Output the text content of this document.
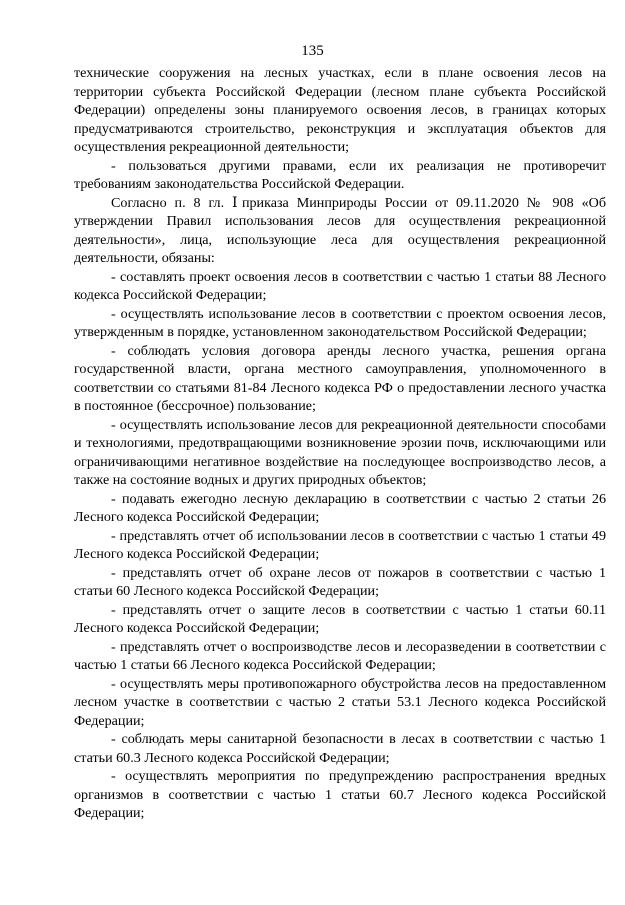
135

технические сооружения на лесных участках, если в плане освоения лесов на территории субъекта Российской Федерации (лесном плане субъекта Российской Федерации) определены зоны планируемого освоения лесов, в границах которых предусматриваются строительство, реконструкция и эксплуатация объектов для осуществления рекреационной деятельности;

- пользоваться другими правами, если их реализация не противоречит требованиям законодательства Российской Федерации.

Согласно п. 8 гл. Ⅰприказа Минприроды России от 09.11.2020 № 908 «Об утверждении Правил использования лесов для осуществления рекреационной деятельности», лица, использующие леса для осуществления рекреационной деятельности, обязаны:

- составлять проект освоения лесов в соответствии с частью 1 статьи 88 Лесного кодекса Российской Федерации;

- осуществлять использование лесов в соответствии с проектом освоения лесов, утвержденным в порядке, установленном законодательством Российской Федерации;

- соблюдать условия договора аренды лесного участка, решения органа государственной власти, органа местного самоуправления, уполномоченного в соответствии со статьями 81-84 Лесного кодекса РФ о предоставлении лесного участка в постоянное (бессрочное) пользование;

- осуществлять использование лесов для рекреационной деятельности способами и технологиями, предотвращающими возникновение эрозии почв, исключающими или ограничивающими негативное воздействие на последующее воспроизводство лесов, а также на состояние водных и других природных объектов;

- подавать ежегодно лесную декларацию в соответствии с частью 2 статьи 26 Лесного кодекса Российской Федерации;

- представлять отчет об использовании лесов в соответствии с частью 1 статьи 49 Лесного кодекса Российской Федерации;

- представлять отчет об охране лесов от пожаров в соответствии с частью 1 статьи 60 Лесного кодекса Российской Федерации;

- представлять отчет о защите лесов в соответствии с частью 1 статьи 60.11 Лесного кодекса Российской Федерации;

- представлять отчет о воспроизводстве лесов и лесоразведении в соответствии с частью 1 статьи 66 Лесного кодекса Российской Федерации;

- осуществлять меры противопожарного обустройства лесов на предоставленном лесном участке в соответствии с частью 2 статьи 53.1 Лесного кодекса Российской Федерации;

- соблюдать меры санитарной безопасности в лесах в соответствии с частью 1 статьи 60.3 Лесного кодекса Российской Федерации;

- осуществлять мероприятия по предупреждению распространения вредных организмов в соответствии с частью 1 статьи 60.7 Лесного кодекса Российской Федерации;
